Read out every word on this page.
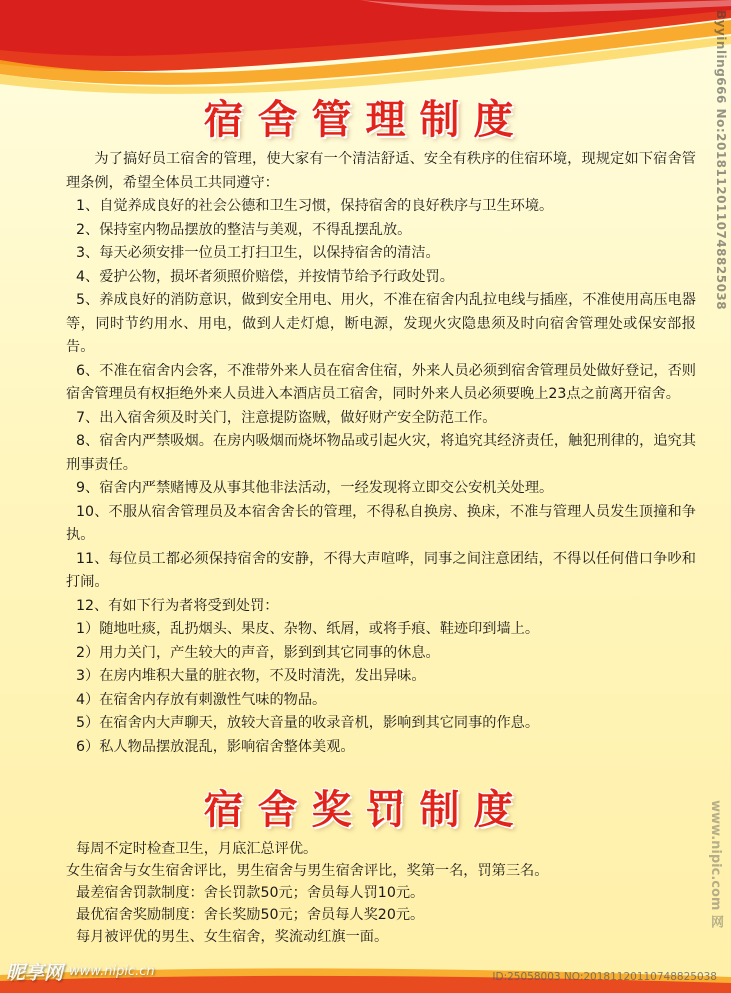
宿舍管理制度

为了搞好员工宿舍的管理，使大家有一个清洁舒适、安全有秩序的住宿环境，现规定如下宿舍管理条例，希望全体员工共同遵守：

1、自觉养成良好的社会公德和卫生习惯，保持宿舍的良好秩序与卫生环境。

2、保持室内物品摆放的整洁与美观，不得乱摆乱放。

3、每天必须安排一位员工打扫卫生，以保持宿舍的清洁。

4、爱护公物，损坏者须照价赔偿，并按情节给予行政处罚。

5、养成良好的消防意识，做到安全用电、用火，不准在宿舍内乱拉电线与插座，不准使用高压电器等，同时节约用水、用电，做到人走灯熄，断电源，发现火灾隐患须及时向宿舍管理处或保安部报告。

6、不准在宿舍内会客，不准带外来人员在宿舍住宿，外来人员必须到宿舍管理员处做好登记，否则宿舍管理员有权拒绝外来人员进入本酒店员工宿舍，同时外来人员必须要晚上23点之前离开宿舍。

7、出入宿舍须及时关门，注意提防盗贼，做好财产安全防范工作。

8、宿舍内严禁吸烟。在房内吸烟而烧坏物品或引起火灾，将追究其经济责任，触犯刑律的，追究其刑事责任。

9、宿舍内严禁赌博及从事其他非法活动，一经发现将立即交公安机关处理。

10、不服从宿舍管理员及本宿舍舍长的管理，不得私自换房、换床，不准与管理人员发生顶撞和争执。

11、每位员工都必须保持宿舍的安静，不得大声喧哗，同事之间注意团结，不得以任何借口争吵和打闹。

12、有如下行为者将受到处罚：

1）随地吐痰，乱扔烟头、果皮、杂物、纸屑，或将手痕、鞋迹印到墙上。

2）用力关门，产生较大的声音，影到到其它同事的休息。

3）在房内堆积大量的脏衣物，不及时清洗，发出异味。

4）在宿舍内存放有刺激性气味的物品。

5）在宿舍内大声聊天，放较大音量的收录音机，影响到其它同事的作息。

6）私人物品摆放混乱，影响宿舍整体美观。

宿舍奖罚制度

每周不定时检查卫生，月底汇总评优。

女生宿舍与女生宿舍评比，男生宿舍与男生宿舍评比，奖第一名，罚第三名。

最差宿舍罚款制度：舍长罚款50元；舍员每人罚10元。

最优宿舍奖励制度：舍长奖励50元；舍员每人奖20元。

每月被评优的男生、女生宿舍，奖流动红旗一面。

Byyinling666 No:20181120110748825038
www.nipic.com 网
昵享网 www.nipic.cn	ID:25058003 NO:20181120110748825038
